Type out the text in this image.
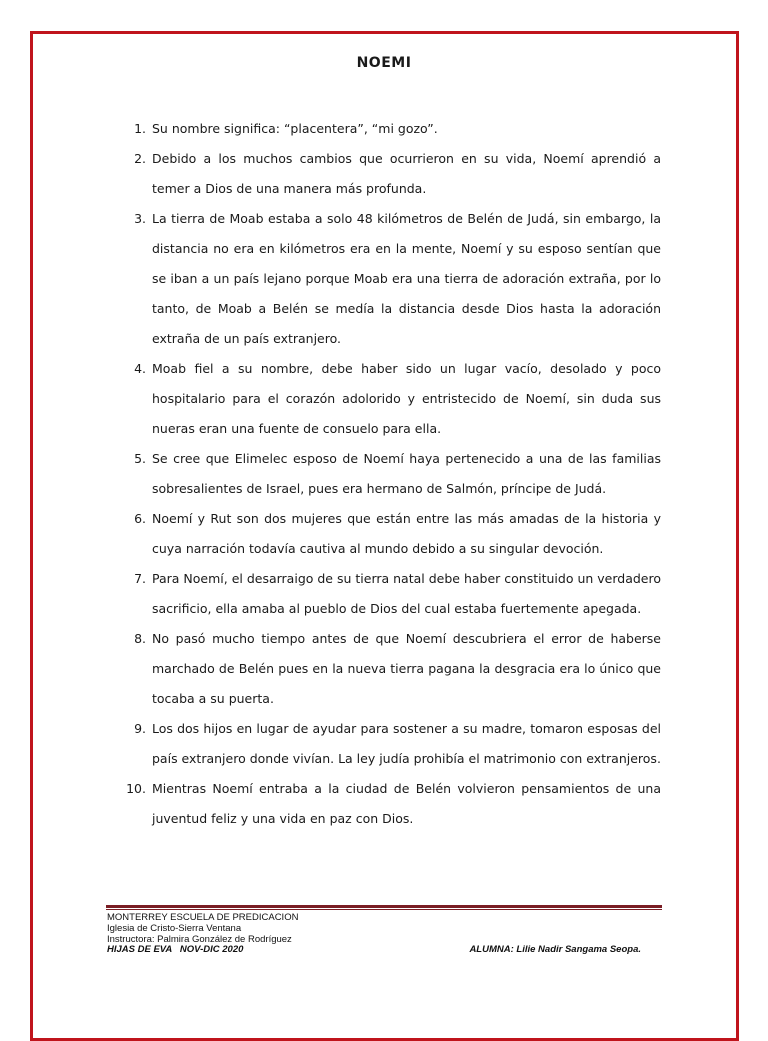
NOEMI
1. Su nombre significa: “placentera”, “mi gozo”.
2. Debido a los muchos cambios que ocurrieron en su vida, Noemí aprendió a temer a Dios de una manera más profunda.
3. La tierra de Moab estaba a solo 48 kilómetros de Belén de Judá, sin embargo, la distancia no era en kilómetros era en la mente, Noemí y su esposo sentían que se iban a un país lejano porque Moab era una tierra de adoración extraña, por lo tanto, de Moab a Belén se medía la distancia desde Dios hasta la adoración extraña de un país extranjero.
4. Moab fiel a su nombre, debe haber sido un lugar vacío, desolado y poco hospitalario para el corazón adolorido y entristecido de Noemí, sin duda sus nueras eran una fuente de consuelo para ella.
5. Se cree que Elimelec esposo de Noemí haya pertenecido a una de las familias sobresalientes de Israel, pues era hermano de Salmón, príncipe de Judá.
6. Noemí y Rut son dos mujeres que están entre las más amadas de la historia y cuya narración todavía cautiva al mundo debido a su singular devoción.
7. Para Noemí, el desarraigo de su tierra natal debe haber constituido un verdadero sacrificio, ella amaba al pueblo de Dios del cual estaba fuertemente apegada.
8. No pasó mucho tiempo antes de que Noemí descubriera el error de haberse marchado de Belén pues en la nueva tierra pagana la desgracia era lo único que tocaba a su puerta.
9. Los dos hijos en lugar de ayudar para sostener a su madre, tomaron esposas del país extranjero donde vivían. La ley judía prohibía el matrimonio con extranjeros.
10. Mientras Noemí entraba a la ciudad de Belén volvieron pensamientos de una juventud feliz y una vida en paz con Dios.
MONTERREY ESCUELA DE PREDICACION
Iglesia de Cristo-Sierra Ventana
Instructora: Palmira González de Rodríguez
HIJAS DE EVA   NOV-DIC 2020	ALUMNA: Lilie Nadir Sangama Seopa.
